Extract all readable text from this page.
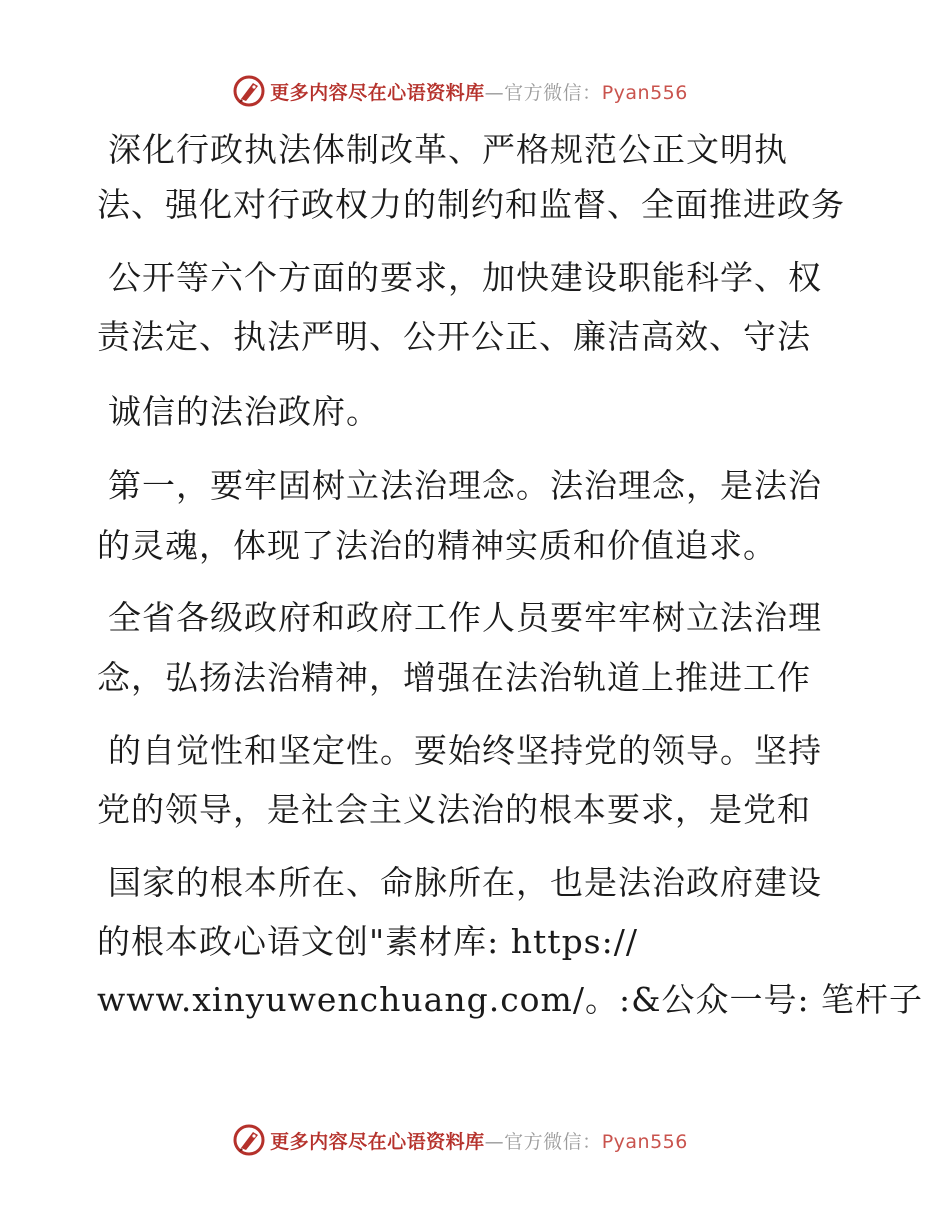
更多内容尽在心语资料库—官方微信：Pyan556
深化行政执法体制改革、严格规范公正文明执
法、强化对行政权力的制约和监督、全面推进政务
公开等六个方面的要求，加快建设职能科学、权
责法定、执法严明、公开公正、廉洁高效、守法
诚信的法治政府。
第一，要牢固树立法治理念。法治理念，是法治
的灵魂，体现了法治的精神实质和价值追求。
全省各级政府和政府工作人员要牢牢树立法治理
念，弘扬法治精神，增强在法治轨道上推进工作
的自觉性和坚定性。要始终坚持党的领导。坚持
党的领导，是社会主义法治的根本要求，是党和
国家的根本所在、命脉所在，也是法治政府建设
的根本政心语文创"素材库: https://
www.xinyuwenchuang.com/。:&公众一号: 笔杆子
更多内容尽在心语资料库—官方微信：Pyan556
